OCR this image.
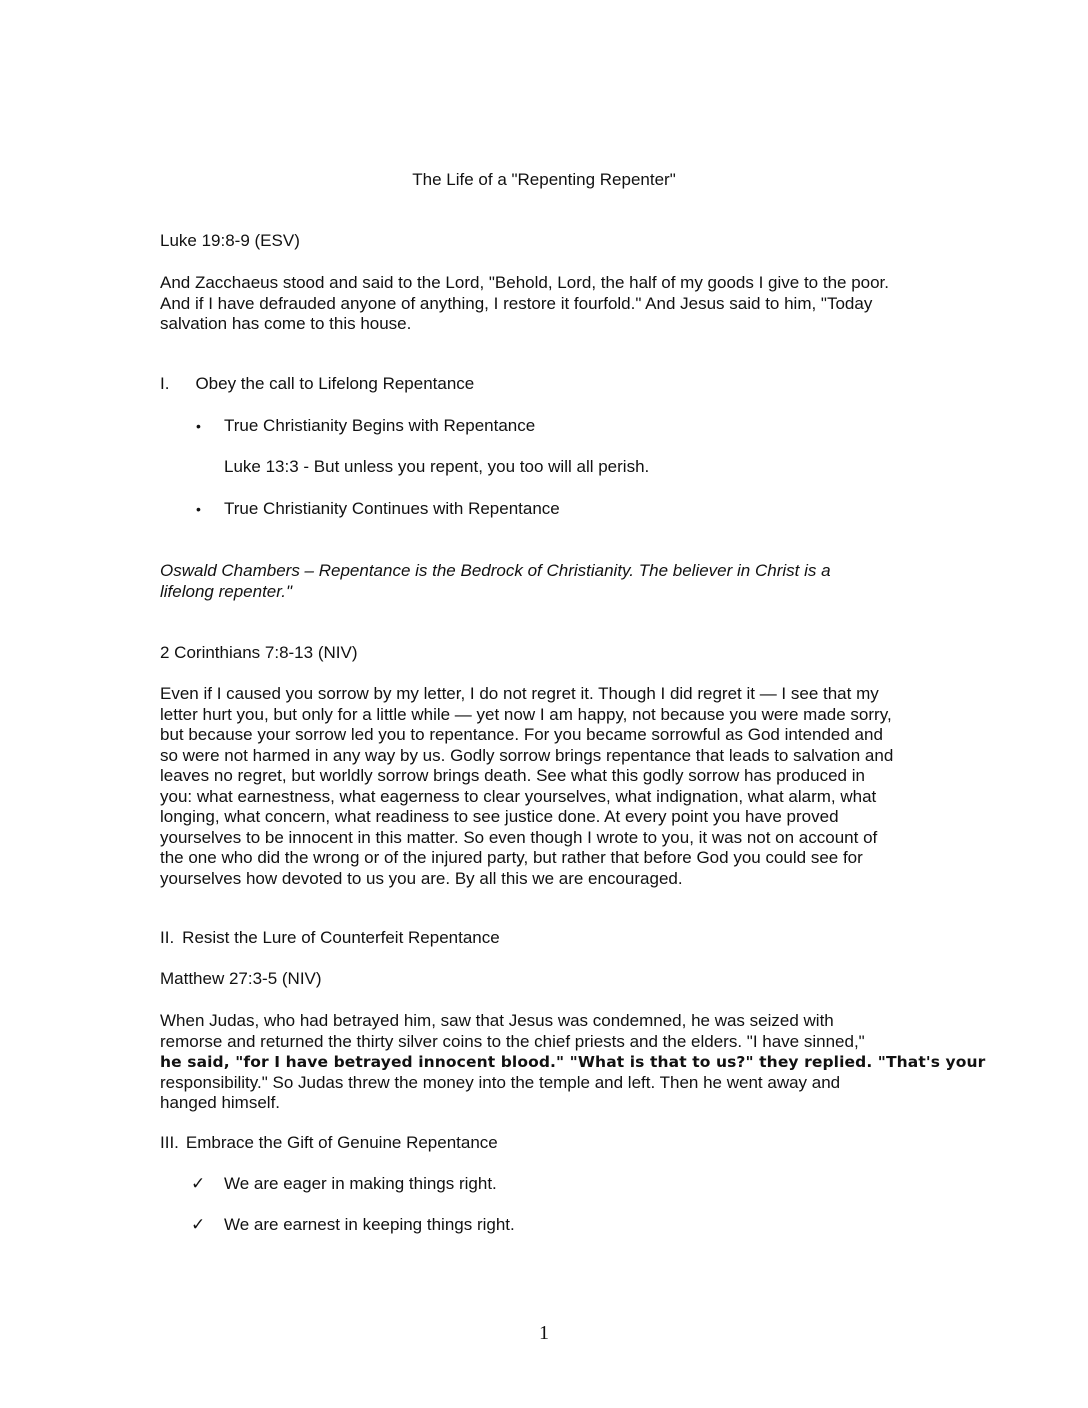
The Life of a "Repenting Repenter"
Luke 19:8-9 (ESV)
And Zacchaeus stood and said to the Lord, "Behold, Lord, the half of my goods I give to the poor.
And if I have defrauded anyone of anything, I restore it fourfold." And Jesus said to him, "Today
salvation has come to this house.
I. Obey the call to Lifelong Repentance
• True Christianity Begins with Repentance
Luke 13:3 - But unless you repent, you too will all perish.
• True Christianity Continues with Repentance
Oswald Chambers – Repentance is the Bedrock of Christianity. The believer in Christ is a
lifelong repenter."
2 Corinthians 7:8-13 (NIV)
Even if I caused you sorrow by my letter, I do not regret it. Though I did regret it — I see that my
letter hurt you, but only for a little while — yet now I am happy, not because you were made sorry,
but because your sorrow led you to repentance. For you became sorrowful as God intended and
so were not harmed in any way by us. Godly sorrow brings repentance that leads to salvation and
leaves no regret, but worldly sorrow brings death. See what this godly sorrow has produced in
you: what earnestness, what eagerness to clear yourselves, what indignation, what alarm, what
longing, what concern, what readiness to see justice done. At every point you have proved
yourselves to be innocent in this matter. So even though I wrote to you, it was not on account of
the one who did the wrong or of the injured party, but rather that before God you could see for
yourselves how devoted to us you are. By all this we are encouraged.
II. Resist the Lure of Counterfeit Repentance
Matthew 27:3-5 (NIV)
When Judas, who had betrayed him, saw that Jesus was condemned, he was seized with
remorse and returned the thirty silver coins to the chief priests and the elders. "I have sinned,"
he said, "for I have betrayed innocent blood." "What is that to us?" they replied. "That's your
responsibility." So Judas threw the money into the temple and left. Then he went away and
hanged himself.
III. Embrace the Gift of Genuine Repentance
✓ We are eager in making things right.
✓ We are earnest in keeping things right.
1
